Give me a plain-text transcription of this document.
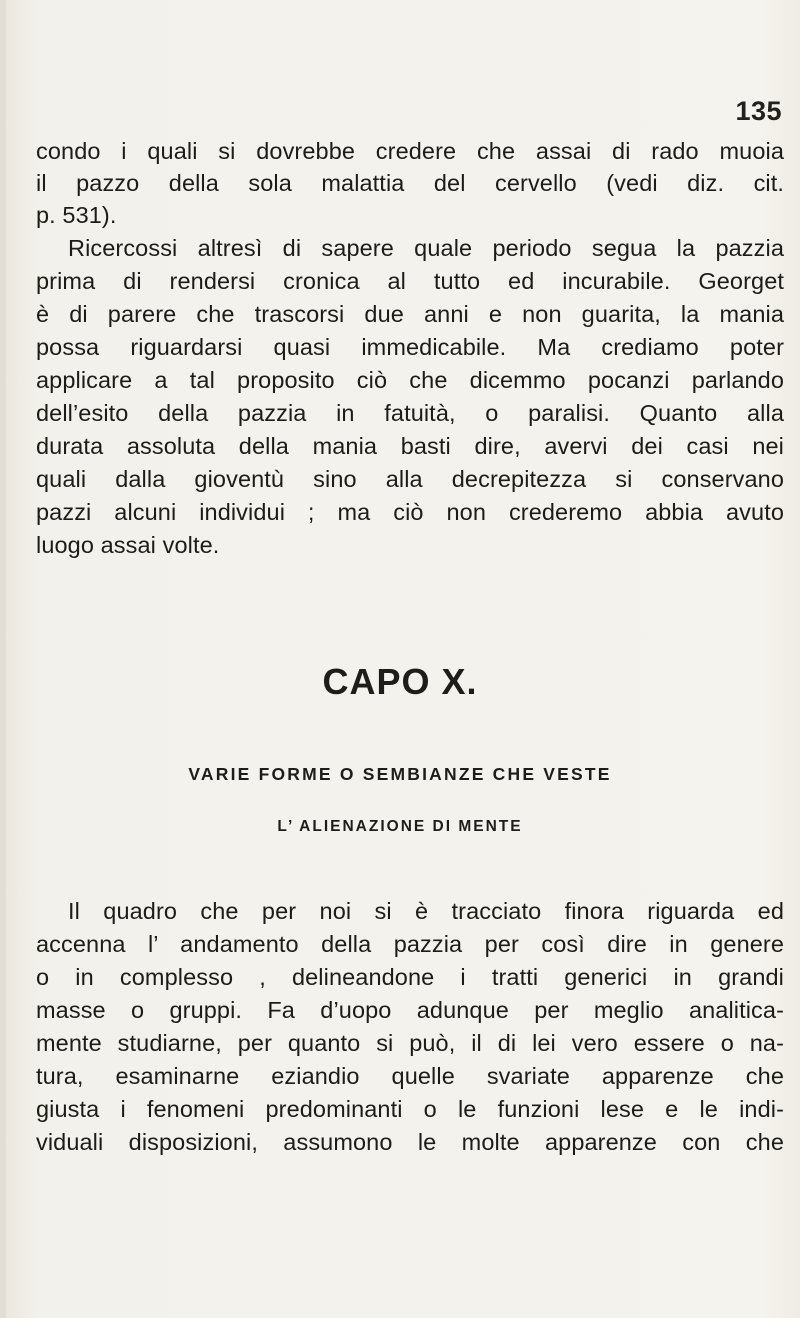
135
condo i quali si dovrebbe credere che assai di rado muoia
il pazzo della sola malattia del cervello (vedi diz. cit.
p. 531).
Ricercossi altresì di sapere quale periodo segua la pazzia
prima di rendersi cronica al tutto ed incurabile. Georget
è di parere che trascorsi due anni e non guarita, la mania
possa riguardarsi quasi immedicabile. Ma crediamo poter
applicare a tal proposito ciò che dicemmo pocanzi parlando
dell’esito della pazzia in fatuità, o paralisi. Quanto alla
durata assoluta della mania basti dire, avervi dei casi nei
quali dalla gioventù sino alla decrepitezza si conservano
pazzi alcuni individui ; ma ciò non crederemo abbia avuto
luogo assai volte.
CAPO X.
VARIE FORME O SEMBIANZE CHE VESTE
L’ ALIENAZIONE DI MENTE
Il quadro che per noi si è tracciato finora riguarda ed
accenna l’ andamento della pazzia per così dire in genere
o in complesso , delineandone i tratti generici in grandi
masse o gruppi. Fa d’uopo adunque per meglio analitica-
mente studiarne, per quanto si può, il di lei vero essere o na-
tura, esaminarne eziandio quelle svariate apparenze che
giusta i fenomeni predominanti o le funzioni lese e le indi-
viduali disposizioni, assumono le molte apparenze con che
